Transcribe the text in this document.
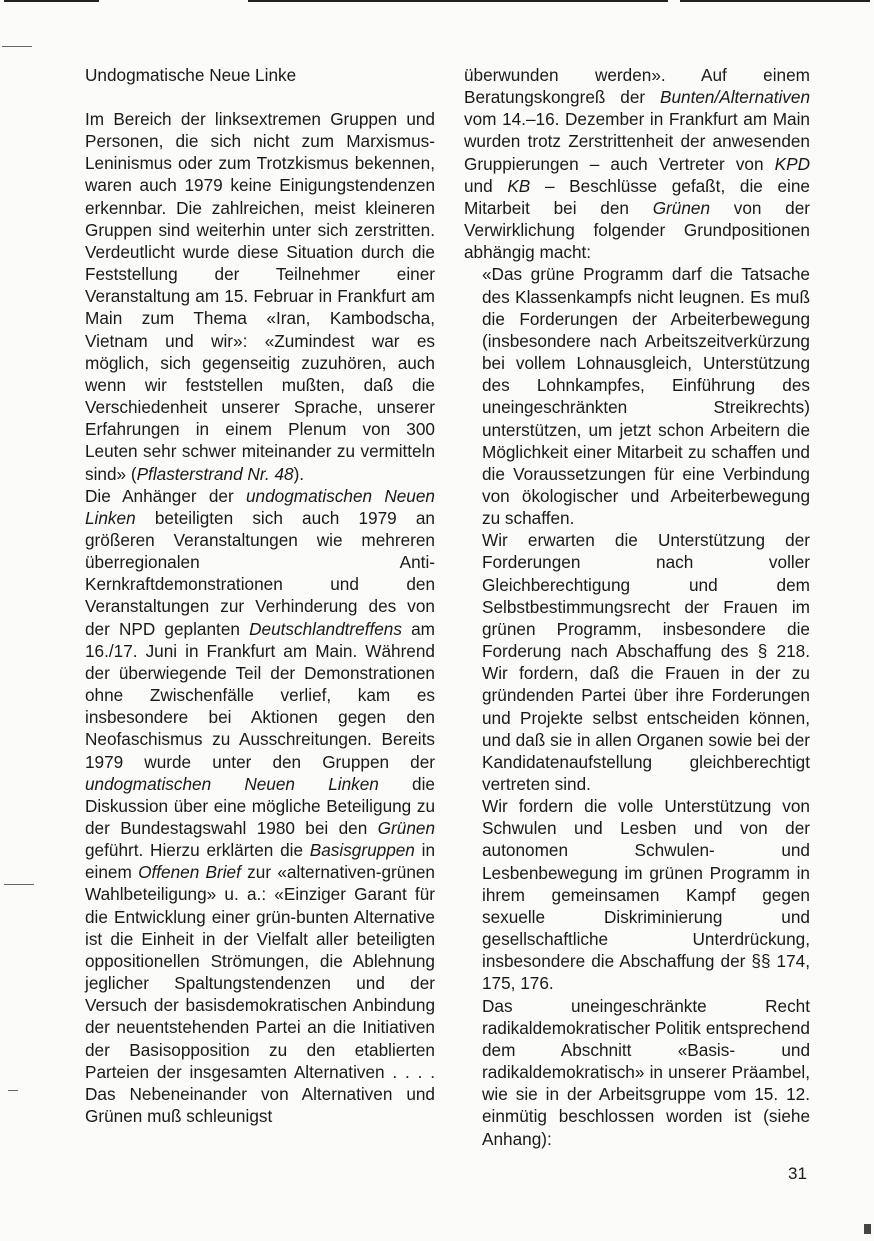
Undogmatische Neue Linke

Im Bereich der linksextremen Gruppen und Personen, die sich nicht zum Marxismus-Leninismus oder zum Trotzkismus bekennen, waren auch 1979 keine Einigungstendenzen erkennbar. Die zahlreichen, meist kleineren Gruppen sind weiterhin unter sich zerstritten. Verdeutlicht wurde diese Situation durch die Feststellung der Teilnehmer einer Veranstaltung am 15. Februar in Frankfurt am Main zum Thema «Iran, Kambodscha, Vietnam und wir»: «Zumindest war es möglich, sich gegenseitig zuzuhören, auch wenn wir feststellen mußten, daß die Verschiedenheit unserer Sprache, unserer Erfahrungen in einem Plenum von 300 Leuten sehr schwer miteinander zu vermitteln sind» (Pflasterstrand Nr. 48).

Die Anhänger der undogmatischen Neuen Linken beteiligten sich auch 1979 an größeren Veranstaltungen wie mehreren überregionalen Anti-Kernkraftdemonstrationen und den Veranstaltungen zur Verhinderung des von der NPD geplanten Deutschlandtreffens am 16./17. Juni in Frankfurt am Main. Während der überwiegende Teil der Demonstrationen ohne Zwischenfälle verlief, kam es insbesondere bei Aktionen gegen den Neofaschismus zu Ausschreitungen. Bereits 1979 wurde unter den Gruppen der undogmatischen Neuen Linken die Diskussion über eine mögliche Beteiligung zu der Bundestagswahl 1980 bei den Grünen geführt. Hierzu erklärten die Basisgruppen in einem Offenen Brief zur «alternativen-grünen Wahlbeteiligung» u. a.: «Einziger Garant für die Entwicklung einer grün-bunten Alternative ist die Einheit in der Vielfalt aller beteiligten oppositionellen Strömungen, die Ablehnung jeglicher Spaltungstendenzen und der Versuch der basisdemokratischen Anbindung der neuentstehenden Partei an die Initiativen der Basisopposition zu den etablierten Parteien der insgesamten Alternativen . . . . Das Nebeneinander von Alternativen und Grünen muß schleunigst

überwunden werden». Auf einem Beratungskongreß der Bunten/Alternativen vom 14.–16. Dezember in Frankfurt am Main wurden trotz Zerstrittenheit der anwesenden Gruppierungen – auch Vertreter von KPD und KB – Beschlüsse gefaßt, die eine Mitarbeit bei den Grünen von der Verwirklichung folgender Grundpositionen abhängig macht:

«Das grüne Programm darf die Tatsache des Klassenkampfs nicht leugnen. Es muß die Forderungen der Arbeiterbewegung (insbesondere nach Arbeitszeitverkürzung bei vollem Lohnausgleich, Unterstützung des Lohnkampfes, Einführung des uneingeschränkten Streikrechts) unterstützen, um jetzt schon Arbeitern die Möglichkeit einer Mitarbeit zu schaffen und die Voraussetzungen für eine Verbindung von ökologischer und Arbeiterbewegung zu schaffen.

Wir erwarten die Unterstützung der Forderungen nach voller Gleichberechtigung und dem Selbstbestimmungsrecht der Frauen im grünen Programm, insbesondere die Forderung nach Abschaffung des § 218. Wir fordern, daß die Frauen in der zu gründenden Partei über ihre Forderungen und Projekte selbst entscheiden können, und daß sie in allen Organen sowie bei der Kandidatenaufstellung gleichberechtigt vertreten sind.

Wir fordern die volle Unterstützung von Schwulen und Lesben und von der autonomen Schwulen- und Lesbenbewegung im grünen Programm in ihrem gemeinsamen Kampf gegen sexuelle Diskriminierung und gesellschaftliche Unterdrückung, insbesondere die Abschaffung der §§ 174, 175, 176.

Das uneingeschränkte Recht radikaldemokratischer Politik entsprechend dem Abschnitt «Basis- und radikaldemokratisch» in unserer Präambel, wie sie in der Arbeitsgruppe vom 15. 12. einmütig beschlossen worden ist (siehe Anhang):

31
